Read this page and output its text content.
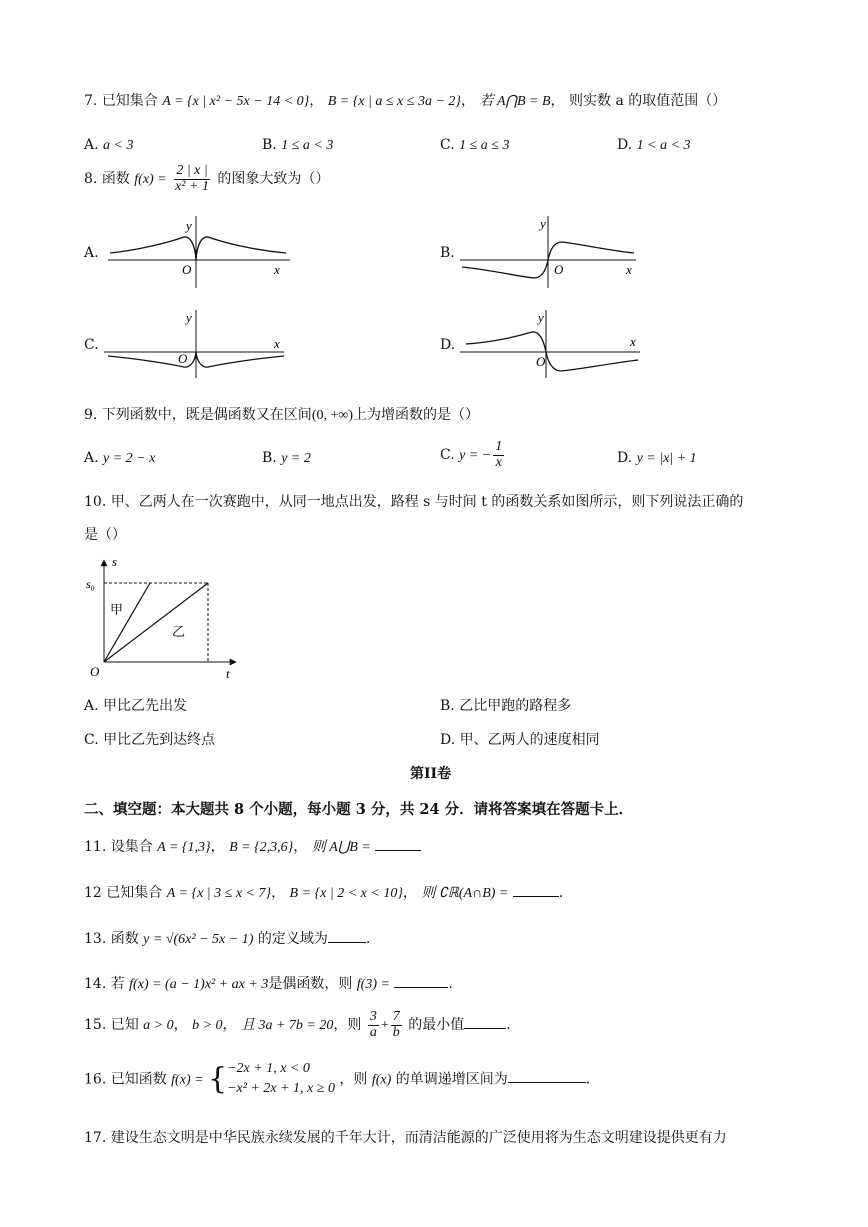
7. 已知集合 A = {x | x² − 5x − 14 < 0}， B = {x | a ≤ x ≤ 3a − 2}， 若 A⋂B = B， 则实数 a 的取值范围（）
A. a < 3	B. 1 ≤ a < 3	C. 1 ≤ a ≤ 3	D. 1 < a < 3
8. 函数 $f(x) = \frac{2 | x |}{\text{x² + 1}}$ 的图象大致为（）
A.
y
O	x
B.
y
O	x
C.
y
O
x	D.
y
O
x
9. 下列函数中，既是偶函数又在区间(0, +∞)上为增函数的是（）
A. y = 2 − x	B. y = 2	C. y = − $\frac{1}{x}$	D. y = |x| + 1
10. 甲、乙两人在一次赛跑中，从同一地点出发，路程 s 与时间 t 的函数关系如图所示，则下列说法正确的
是（）
s
s₀
O	t
甲
乙
A. 甲比乙先出发	B. 乙比甲跑的路程多
C. 甲比乙先到达终点	D. 甲、乙两人的速度相同
第II卷
二、填空题：本大题共 8 个小题，每小题 3 分，共 24 分．请将答案填在答题卡上．
11. 设集合 A = {1,3}， B = {2,3,6}， 则 A⋃B =
12 已知集合 A = {x | 3 ≤ x < 7}， B = {x | 2 < x < 10}， 则 ∁ℝ(A∩B) =	.
13. 函数 y = √(6x² − 5x − 1) 的定义域为	.
14. 若 f(x) = (a − 1)x² + ax + 3是偶函数，则 f(3) =	.
15. 已知 a > 0， b > 0， 且 3a + 7b = 20，则 $\frac{3}{a} + \frac{7}{b}$ 的最小值	.
16. 已知函数 f(x) = { −2x + 1, x < 0
−x² + 2x + 1, x ≥ 0
，则 f(x) 的单调递增区间为	.
17. 建设生态文明是中华民族永续发展的千年大计，而清洁能源的广泛使用将为生态文明建设提供更有力
